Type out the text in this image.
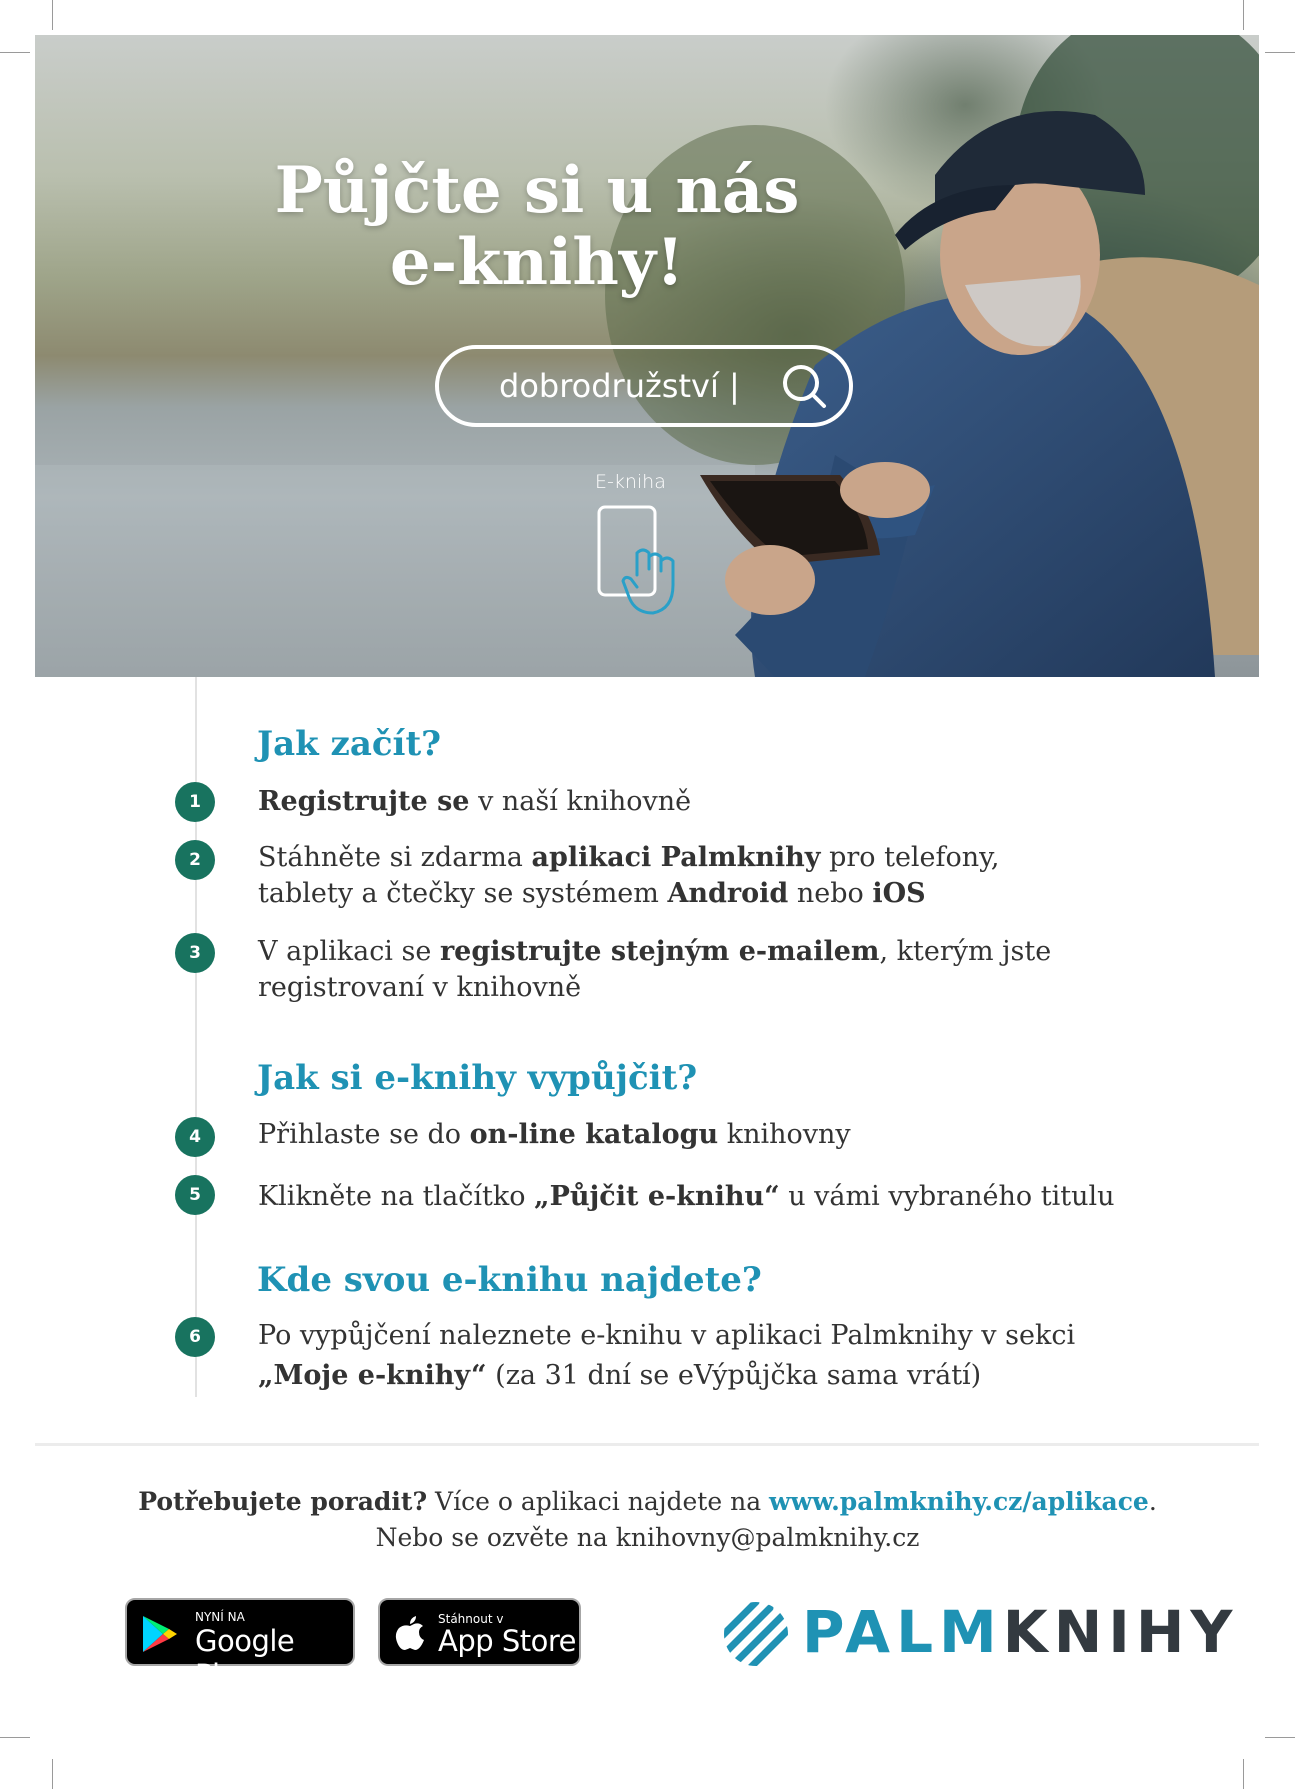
Půjčte si u nás
e-knihy!
dobrodružství |
E-kniha
Jak začít?
1	Registrujte se v naší knihovně
2	Stáhněte si zdarma aplikaci Palmknihy pro telefony,
tablety a čtečky se systémem Android nebo iOS
3	V aplikaci se registrujte stejným e-mailem, kterým jste
registrovaní v knihovně
Jak si e-knihy vypůjčit?
4	Přihlaste se do on-line katalogu knihovny
5	Klikněte na tlačítko „Půjčit e-knihu“ u vámi vybraného titulu
Kde svou e-knihu najdete?
6	Po vypůjčení naleznete e-knihu v aplikaci Palmknihy v sekci
„Moje e-knihy“ (za 31 dní se eVýpůjčka sama vrátí)
Potřebujete poradit? Více o aplikaci najdete na www.palmknihy.cz/aplikace.
Nebo se ozvěte na knihovny@palmknihy.cz
NYNÍ NA
Google Play
Stáhnout v
App Store	PALMKNIHY
